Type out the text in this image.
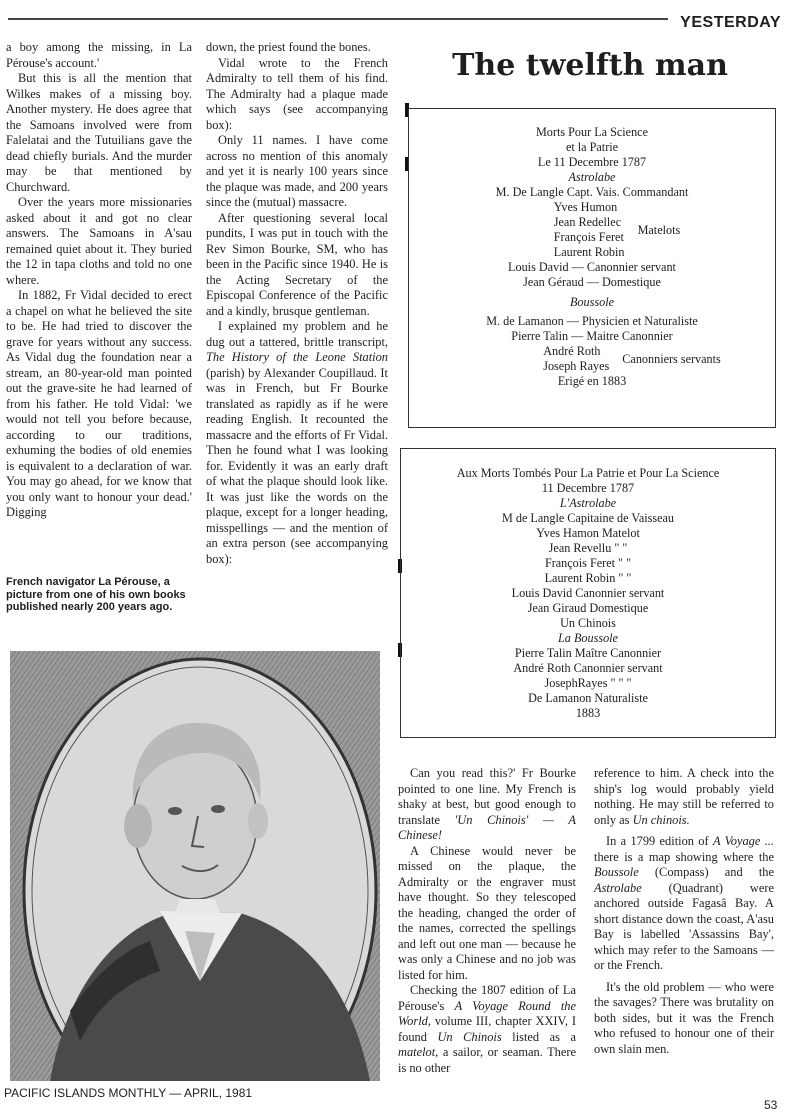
YESTERDAY
The twelfth man

a boy among the missing, in La Pérouse's account.'

But this is all the mention that Wilkes makes of a missing boy. Another mystery. He does agree that the Samoans involved were from Falelatai and the Tutuilians gave the dead chiefly burials. And the murder may be that mentioned by Churchward.

Over the years more missionaries asked about it and got no clear answers. The Samoans in A'sau remained quiet about it. They buried the 12 in tapa cloths and told no one where.

In 1882, Fr Vidal decided to erect a chapel on what he believed the site to be. He had tried to discover the grave for years without any success. As Vidal dug the foundation near a stream, an 80-year-old man pointed out the grave-site he had learned of from his father. He told Vidal: 'we would not tell you before because, according to our traditions, exhuming the bodies of old enemies is equivalent to a declaration of war. You may go ahead, for we know that you only want to honour your dead.' Digging

French navigator La Pérouse, a picture from one of his own books published nearly 200 years ago.

down, the priest found the bones.

Vidal wrote to the French Admiralty to tell them of his find. The Admiralty had a plaque made which says (see accompanying box):

Only 11 names. I have come across no mention of this anomaly and yet it is nearly 100 years since the plaque was made, and 200 years since the (mutual) massacre.

After questioning several local pundits, I was put in touch with the Rev Simon Bourke, SM, who has been in the Pacific since 1940. He is the Acting Secretary of the Episcopal Conference of the Pacific and a kindly, brusque gentleman.

I explained my problem and he dug out a tattered, brittle transcript, The History of the Leone Station (parish) by Alexander Coupillaud. It was in French, but Fr Bourke translated as rapidly as if he were reading English. It recounted the massacre and the efforts of Fr Vidal. Then he found what I was looking for. Evidently it was an early draft of what the plaque should look like. It was just like the words on the plaque, except for a longer heading, misspellings — and the mention of an extra person (see accompanying box):

Morts Pour La Science
et la Patrie
Le 11 Decembre 1787
Astrolabe
M. De Langle Capt. Vais. Commandant
Yves Humon
Jean Redellec
François Feret
Laurent Robin
Matelots
Louis David — Canonnier servant
Jean Géraud — Domestique
Boussole
M. de Lamanon — Physicien et Naturaliste
Pierre Talin — Maitre Canonnier
André Roth
Joseph Rayes
Canonniers servants
Erigé en 1883
Aux Morts Tombés Pour La Patrie et Pour La Science
11 Decembre 1787
L'Astrolabe
M de Langle Capitaine de Vaisseau
Yves Hamon Matelot
Jean Revellu " "
François Feret " "
Laurent Robin " "
Louis David Canonnier servant
Jean Giraud Domestique
Un Chinois
La Boussole
Pierre Talin Maître Canonnier
André Roth Canonnier servant
JosephRayes " " "
De Lamanon Naturaliste
1883

Can you read this?' Fr Bourke pointed to one line. My French is shaky at best, but good enough to translate 'Un Chinois' — A Chinese!

A Chinese would never be missed on the plaque, the Admiralty or the engraver must have thought. So they telescoped the heading, changed the order of the names, corrected the spellings and left out one man — because he was only a Chinese and no job was listed for him.

Checking the 1807 edition of La Pérouse's A Voyage Round the World, volume III, chapter XXIV, I found Un Chinois listed as a matelot, a sailor, or seaman. There is no other

reference to him. A check into the ship's log would probably yield nothing. He may still be referred to only as Un chinois.

In a 1799 edition of A Voyage ... there is a map showing where the Boussole (Compass) and the Astrolabe (Quadrant) were anchored outside Fagasâ Bay. A short distance down the coast, A'asu Bay is labelled 'Assassins Bay', which may refer to the Samoans — or the French.

It's the old problem — who were the savages? There was brutality on both sides, but it was the French who refused to honour one of their own slain men.

PACIFIC ISLANDS MONTHLY — APRIL, 1981
53
